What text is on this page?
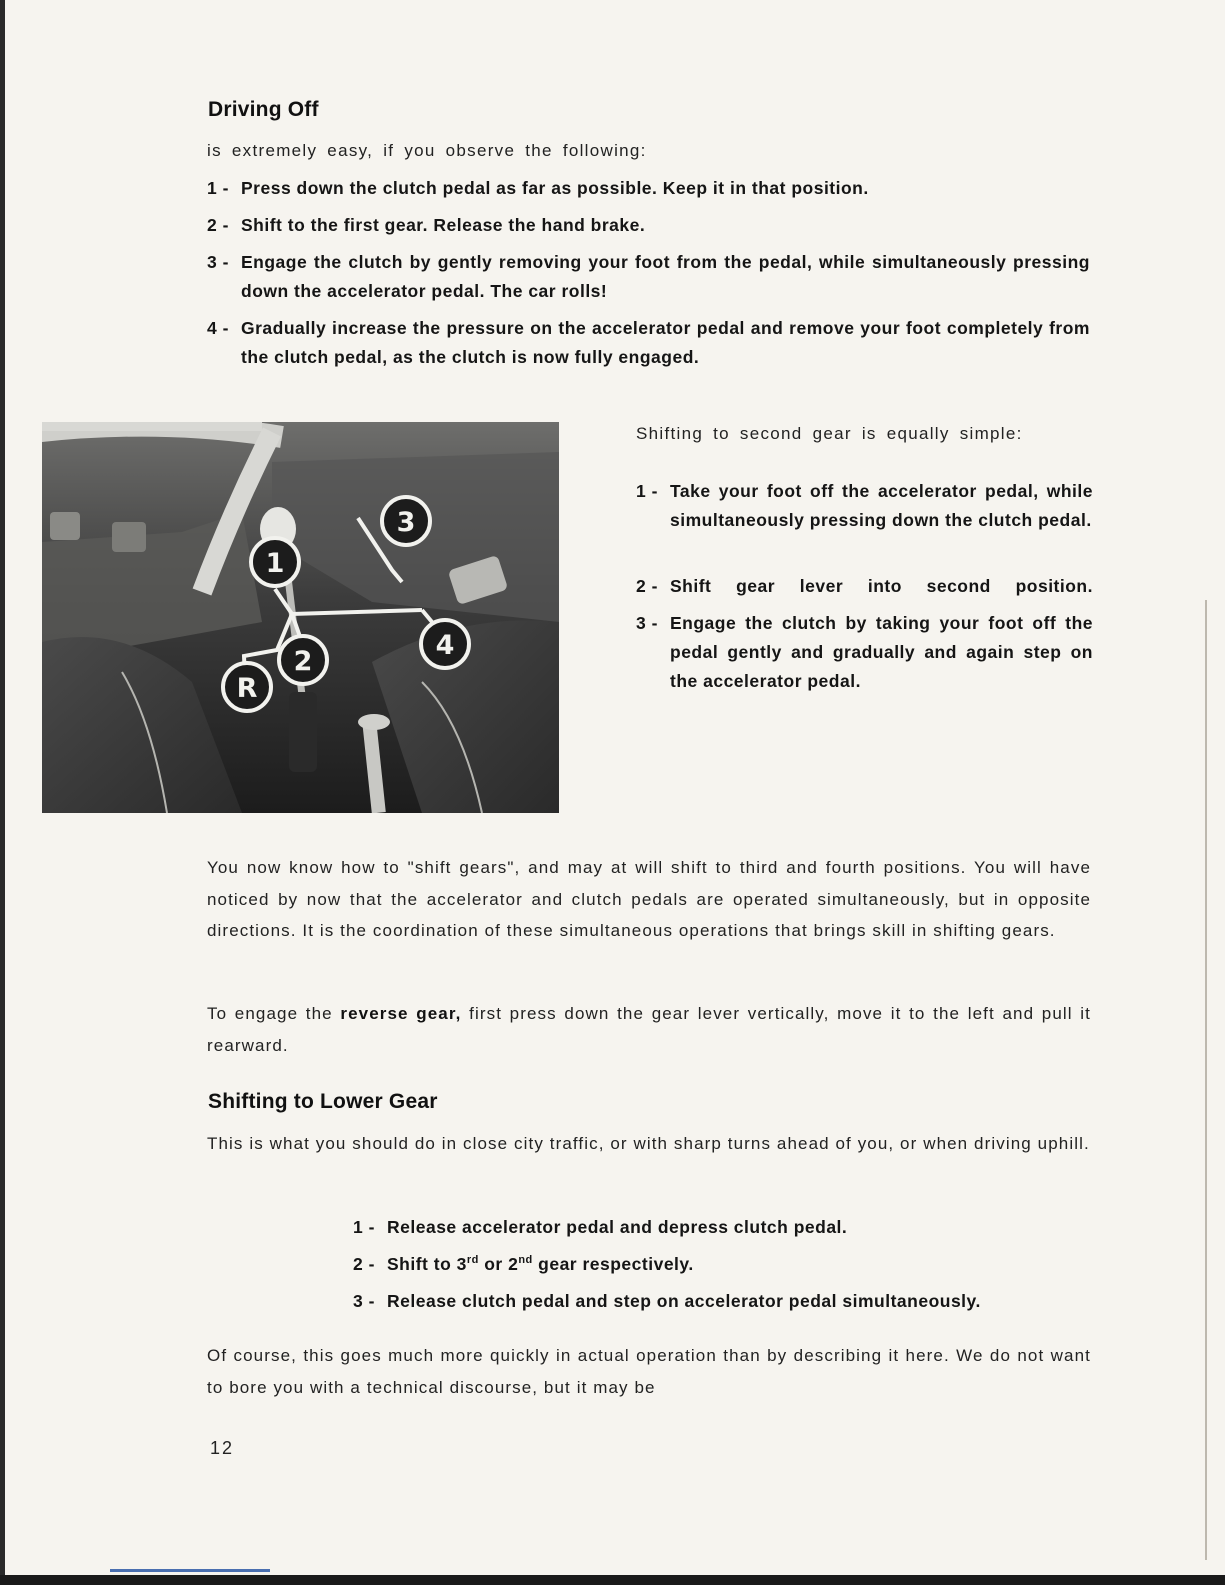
Driving Off
is extremely easy, if you observe the following:
1 - Press down the clutch pedal as far as possible. Keep it in that position.
2 - Shift to the first gear. Release the hand brake.
3 - Engage the clutch by gently removing your foot from the pedal, while simultaneously pressing down the accelerator pedal. The car rolls!
4 - Gradually increase the pressure on the accelerator pedal and remove your foot completely from the clutch pedal, as the clutch is now fully engaged.
1
3
2
4
R
Shifting to second gear is equally simple:
1 - Take your foot off the accelerator pedal, while simultaneously pressing down the clutch pedal.
2 - Shift gear lever into second position.
3 - Engage the clutch by taking your foot off the pedal gently and gradually and again step on the accelerator pedal.
You now know how to "shift gears", and may at will shift to third and fourth positions. You will have noticed by now that the accelerator and clutch pedals are operated simultaneously, but in opposite directions. It is the coordination of these simultaneous operations that brings skill in shifting gears.
To engage the reverse gear, first press down the gear lever vertically, move it to the left and pull it rearward.
Shifting to Lower Gear
This is what you should do in close city traffic, or with sharp turns ahead of you, or when driving uphill.
1 - Release accelerator pedal and depress clutch pedal.
2 - Shift to 3rd or 2nd gear respectively.
3 - Release clutch pedal and step on accelerator pedal simultaneously.
Of course, this goes much more quickly in actual operation than by describing it here. We do not want to bore you with a technical discourse, but it may be
12
